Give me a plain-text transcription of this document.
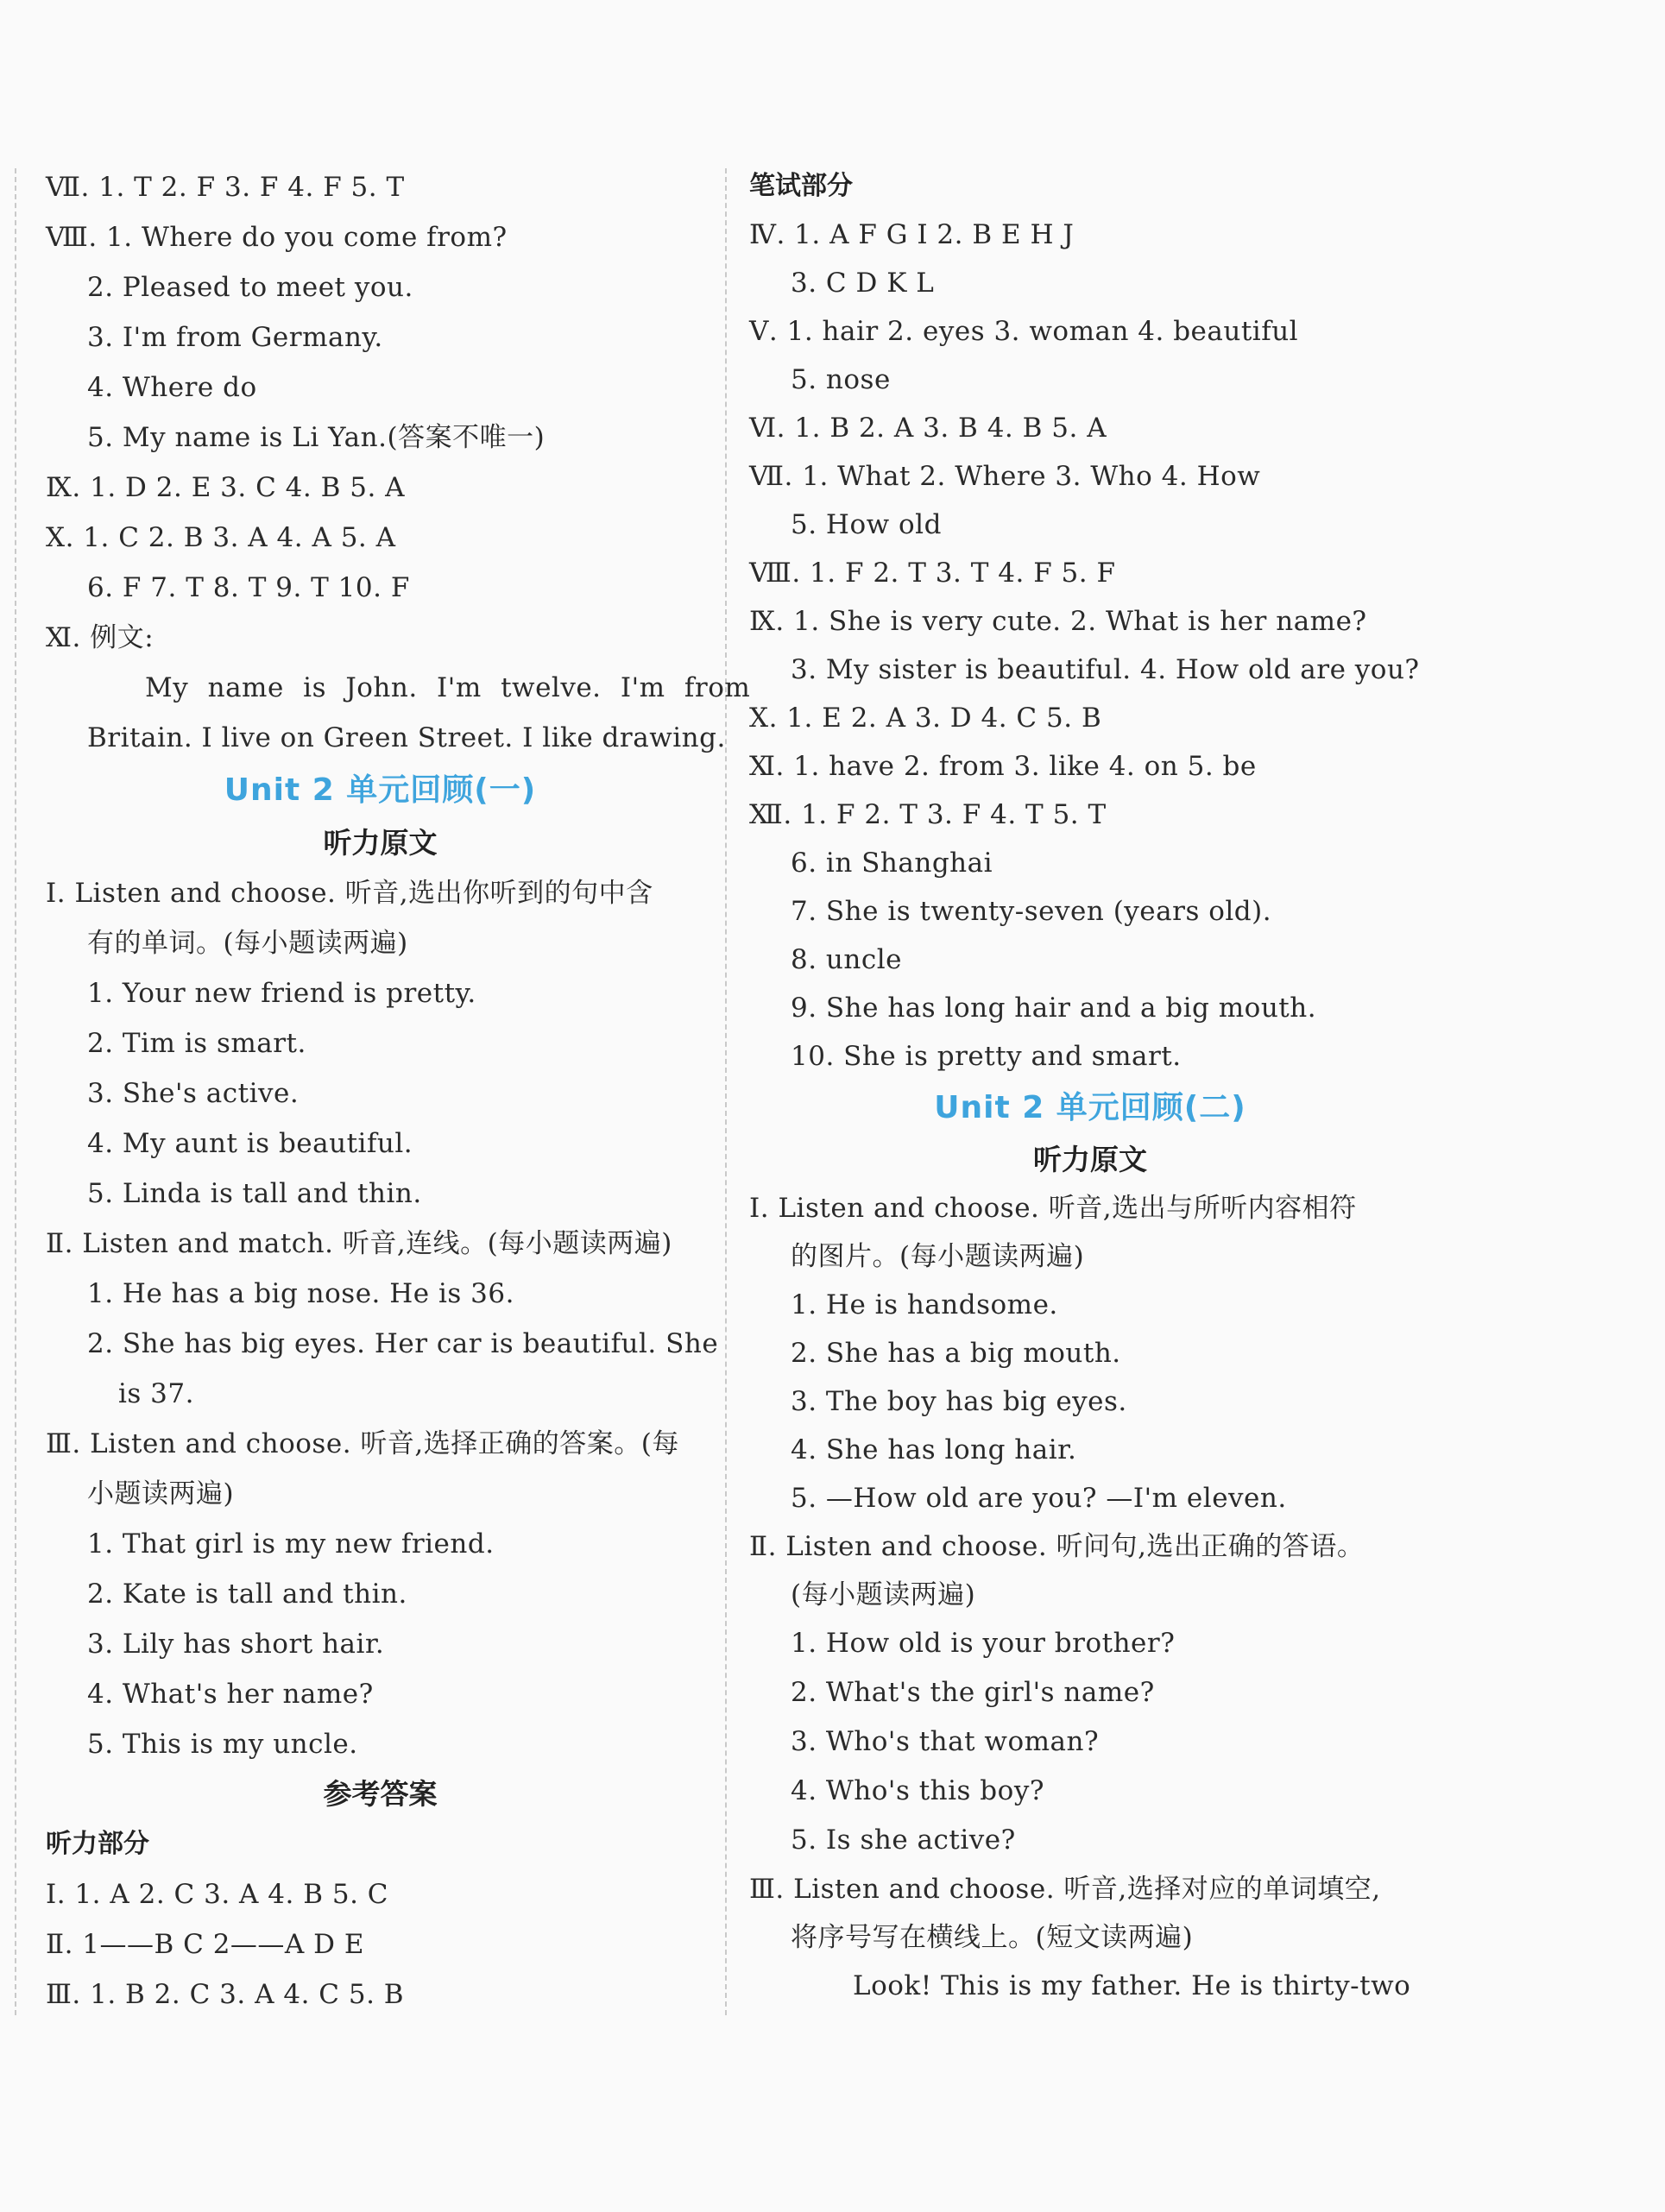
Ⅶ. 1. T 2. F 3. F 4. F 5. T
Ⅷ. 1. Where do you come from?
2. Pleased to meet you.
3. I'm from Germany.
4. Where do
5. My name is Li Yan.(答案不唯一)
Ⅸ. 1. D 2. E 3. C 4. B 5. A
Ⅹ. 1. C 2. B 3. A 4. A 5. A
6. F 7. T 8. T 9. T 10. F
Ⅺ. 例文:
My name is John. I'm twelve. I'm from
Britain. I live on Green Street. I like drawing.
Unit 2 单元回顾(一)
听力原文
Ⅰ. Listen and choose. 听音,选出你听到的句中含
有的单词。(每小题读两遍)
1. Your new friend is pretty.
2. Tim is smart.
3. She's active.
4. My aunt is beautiful.
5. Linda is tall and thin.
Ⅱ. Listen and match. 听音,连线。(每小题读两遍)
1. He has a big nose. He is 36.
2. She has big eyes. Her car is beautiful. She
is 37.
Ⅲ. Listen and choose. 听音,选择正确的答案。(每
小题读两遍)
1. That girl is my new friend.
2. Kate is tall and thin.
3. Lily has short hair.
4. What's her name?
5. This is my uncle.
参考答案
听力部分
Ⅰ. 1. A 2. C 3. A 4. B 5. C
Ⅱ. 1——B C 2——A D E
Ⅲ. 1. B 2. C 3. A 4. C 5. B
笔试部分
Ⅳ. 1. A F G I 2. B E H J
3. C D K L
Ⅴ. 1. hair 2. eyes 3. woman 4. beautiful
5. nose
Ⅵ. 1. B 2. A 3. B 4. B 5. A
Ⅶ. 1. What 2. Where 3. Who 4. How
5. How old
Ⅷ. 1. F 2. T 3. T 4. F 5. F
Ⅸ. 1. She is very cute. 2. What is her name?
3. My sister is beautiful. 4. How old are you?
Ⅹ. 1. E 2. A 3. D 4. C 5. B
Ⅺ. 1. have 2. from 3. like 4. on 5. be
Ⅻ. 1. F 2. T 3. F 4. T 5. T
6. in Shanghai
7. She is twenty-seven (years old).
8. uncle
9. She has long hair and a big mouth.
10. She is pretty and smart.
Unit 2 单元回顾(二)
听力原文
Ⅰ. Listen and choose. 听音,选出与所听内容相符
的图片。(每小题读两遍)
1. He is handsome.
2. She has a big mouth.
3. The boy has big eyes.
4. She has long hair.
5. —How old are you? —I'm eleven.
Ⅱ. Listen and choose. 听问句,选出正确的答语。
(每小题读两遍)
1. How old is your brother?
2. What's the girl's name?
3. Who's that woman?
4. Who's this boy?
5. Is she active?
Ⅲ. Listen and choose. 听音,选择对应的单词填空,
将序号写在横线上。(短文读两遍)
Look! This is my father. He is thirty-two
